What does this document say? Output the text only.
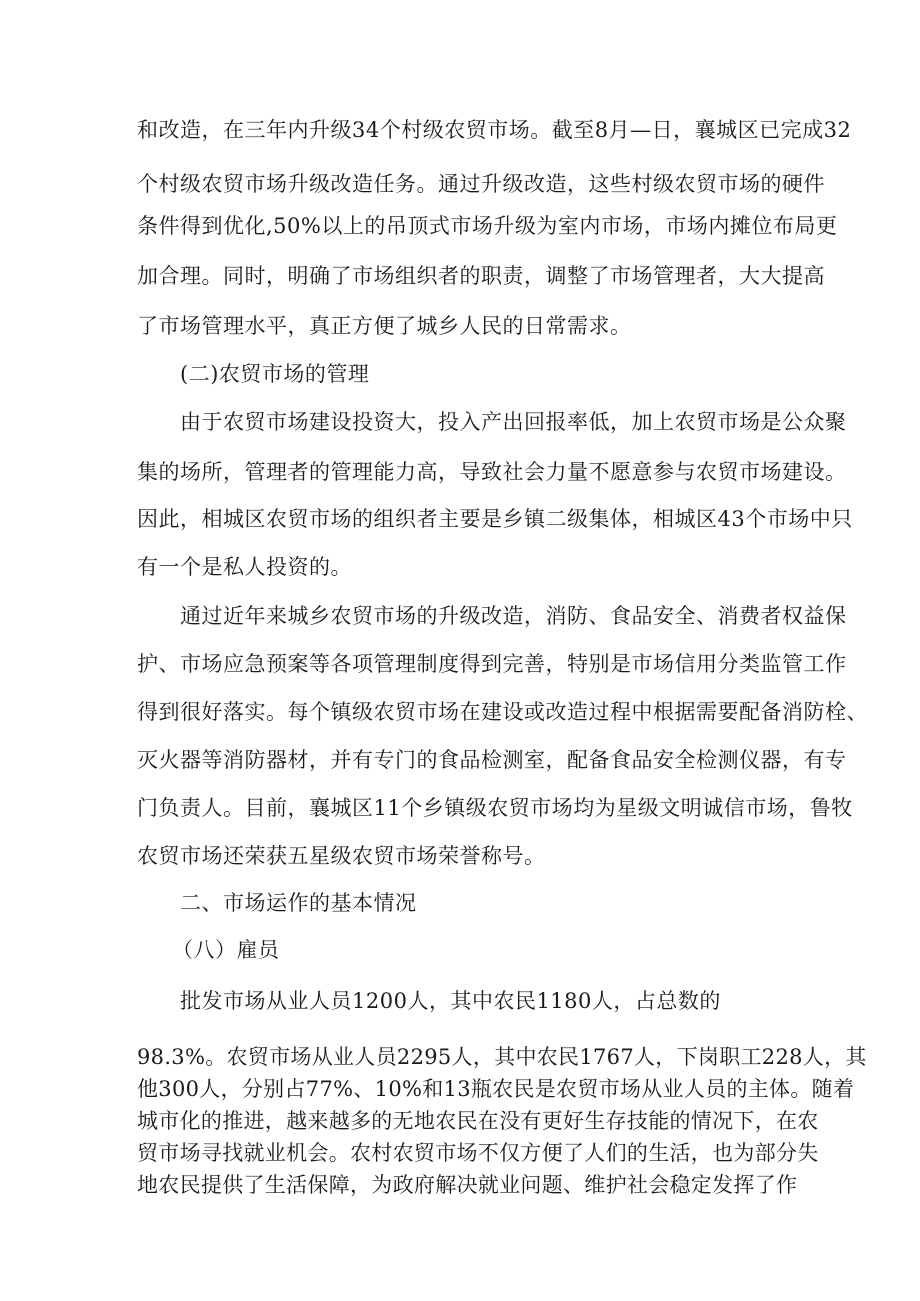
和改造，在三年内升级34个村级农贸市场。截至8月—日，襄城区已完成32
个村级农贸市场升级改造任务。通过升级改造，这些村级农贸市场的硬件
条件得到优化,50%以上的吊顶式市场升级为室内市场，市场内摊位布局更
加合理。同时，明确了市场组织者的职责，调整了市场管理者，大大提高
了市场管理水平，真正方便了城乡人民的日常需求。
(二)农贸市场的管理
由于农贸市场建设投资大，投入产出回报率低，加上农贸市场是公众聚
集的场所，管理者的管理能力高，导致社会力量不愿意参与农贸市场建设。
因此，相城区农贸市场的组织者主要是乡镇二级集体，相城区43个市场中只
有一个是私人投资的。
通过近年来城乡农贸市场的升级改造，消防、食品安全、消费者权益保
护、市场应急预案等各项管理制度得到完善，特别是市场信用分类监管工作
得到很好落实。每个镇级农贸市场在建设或改造过程中根据需要配备消防栓、
灭火器等消防器材，并有专门的食品检测室，配备食品安全检测仪器，有专
门负责人。目前，襄城区11个乡镇级农贸市场均为星级文明诚信市场，鲁牧
农贸市场还荣获五星级农贸市场荣誉称号。
二、市场运作的基本情况
（八）雇员
批发市场从业人员1200人，其中农民1180人，占总数的
98.3%。农贸市场从业人员2295人，其中农民1767人，下岗职工228人，其
他300人，分别占77%、10%和13瓶农民是农贸市场从业人员的主体。随着
城市化的推进，越来越多的无地农民在没有更好生存技能的情况下，在农
贸市场寻找就业机会。农村农贸市场不仅方便了人们的生活，也为部分失
地农民提供了生活保障，为政府解决就业问题、维护社会稳定发挥了作
